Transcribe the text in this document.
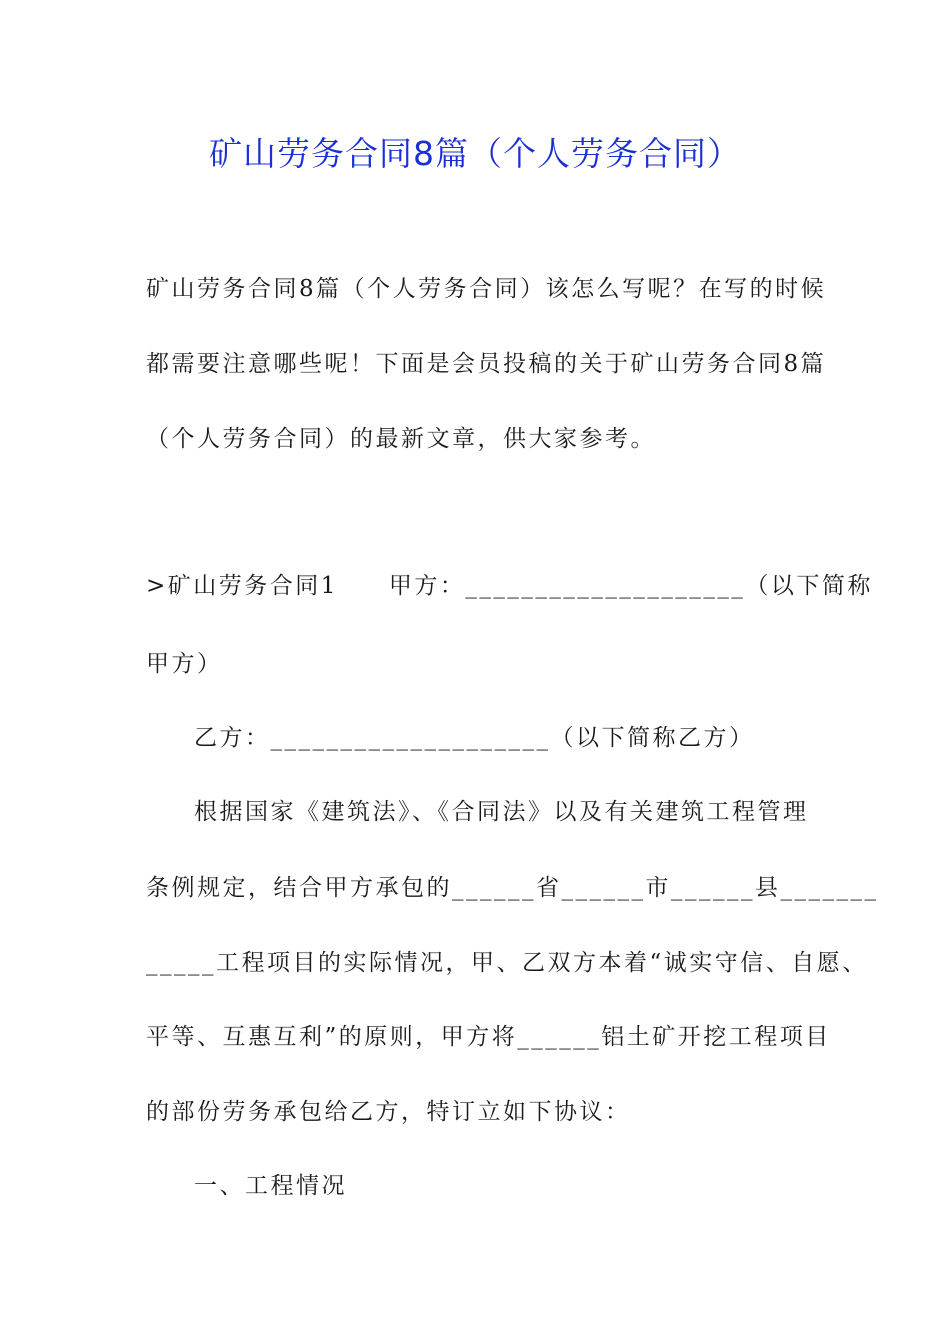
矿山劳务合同8篇（个人劳务合同）

矿山劳务合同8篇（个人劳务合同）该怎么写呢？在写的时候

都需要注意哪些呢！下面是会员投稿的关于矿山劳务合同8篇

（个人劳务合同）的最新文章，供大家参考。

>矿山劳务合同1　　甲方：____________________（以下简称

甲方）

乙方：____________________（以下简称乙方）

根据国家《建筑法》、《合同法》以及有关建筑工程管理

条例规定，结合甲方承包的______省______市______县_______

_____工程项目的实际情况，甲、乙双方本着“诚实守信、自愿、

平等、互惠互利”的原则，甲方将______铝土矿开挖工程项目

的部份劳务承包给乙方，特订立如下协议：

一、工程情况
